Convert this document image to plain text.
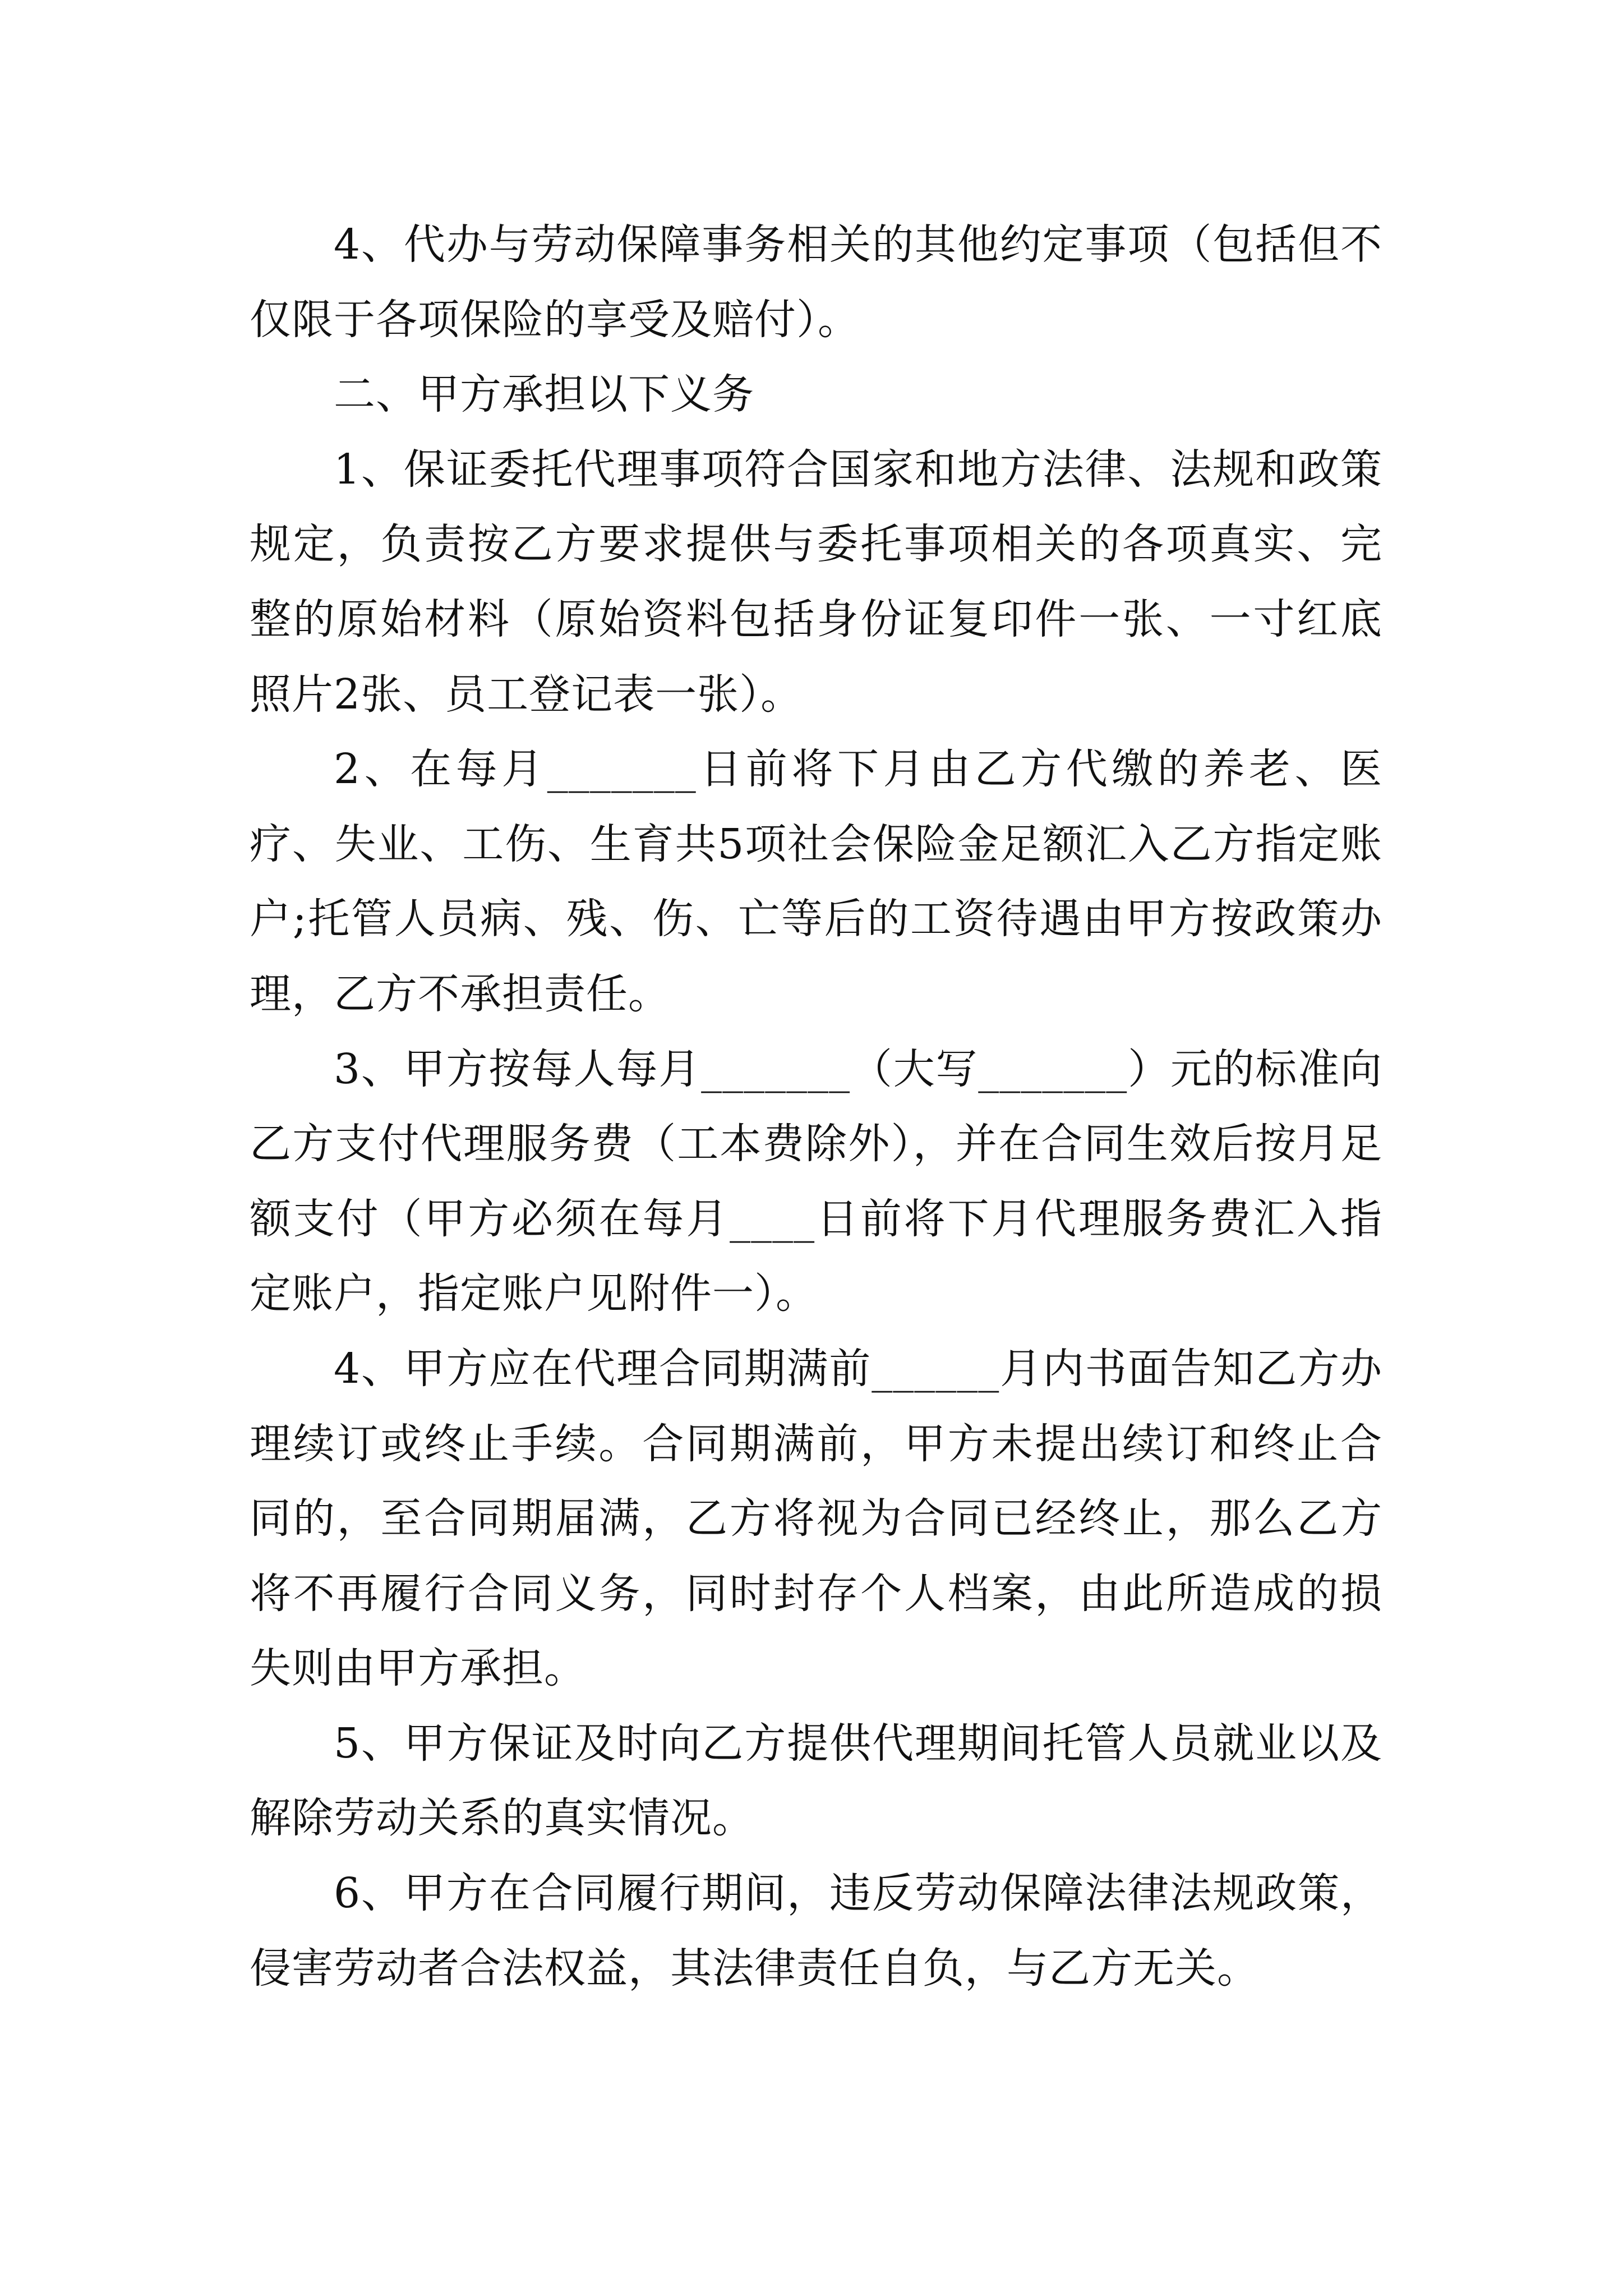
4、代办与劳动保障事务相关的其他约定事项（包括但不仅限于各项保险的享受及赔付）。

二、甲方承担以下义务

1、保证委托代理事项符合国家和地方法律、法规和政策规定，负责按乙方要求提供与委托事项相关的各项真实、完整的原始材料（原始资料包括身份证复印件一张、一寸红底照片2张、员工登记表一张）。

2、在每月_______日前将下月由乙方代缴的养老、医疗、失业、工伤、生育共5项社会保险金足额汇入乙方指定账户;托管人员病、残、伤、亡等后的工资待遇由甲方按政策办理，乙方不承担责任。

3、甲方按每人每月_______（大写_______）元的标准向乙方支付代理服务费（工本费除外），并在合同生效后按月足额支付（甲方必须在每月____日前将下月代理服务费汇入指定账户，指定账户见附件一）。

4、甲方应在代理合同期满前______月内书面告知乙方办理续订或终止手续。合同期满前，甲方未提出续订和终止合同的，至合同期届满，乙方将视为合同已经终止，那么乙方将不再履行合同义务，同时封存个人档案，由此所造成的损失则由甲方承担。

5、甲方保证及时向乙方提供代理期间托管人员就业以及解除劳动关系的真实情况。

6、甲方在合同履行期间，违反劳动保障法律法规政策，侵害劳动者合法权益，其法律责任自负，与乙方无关。
